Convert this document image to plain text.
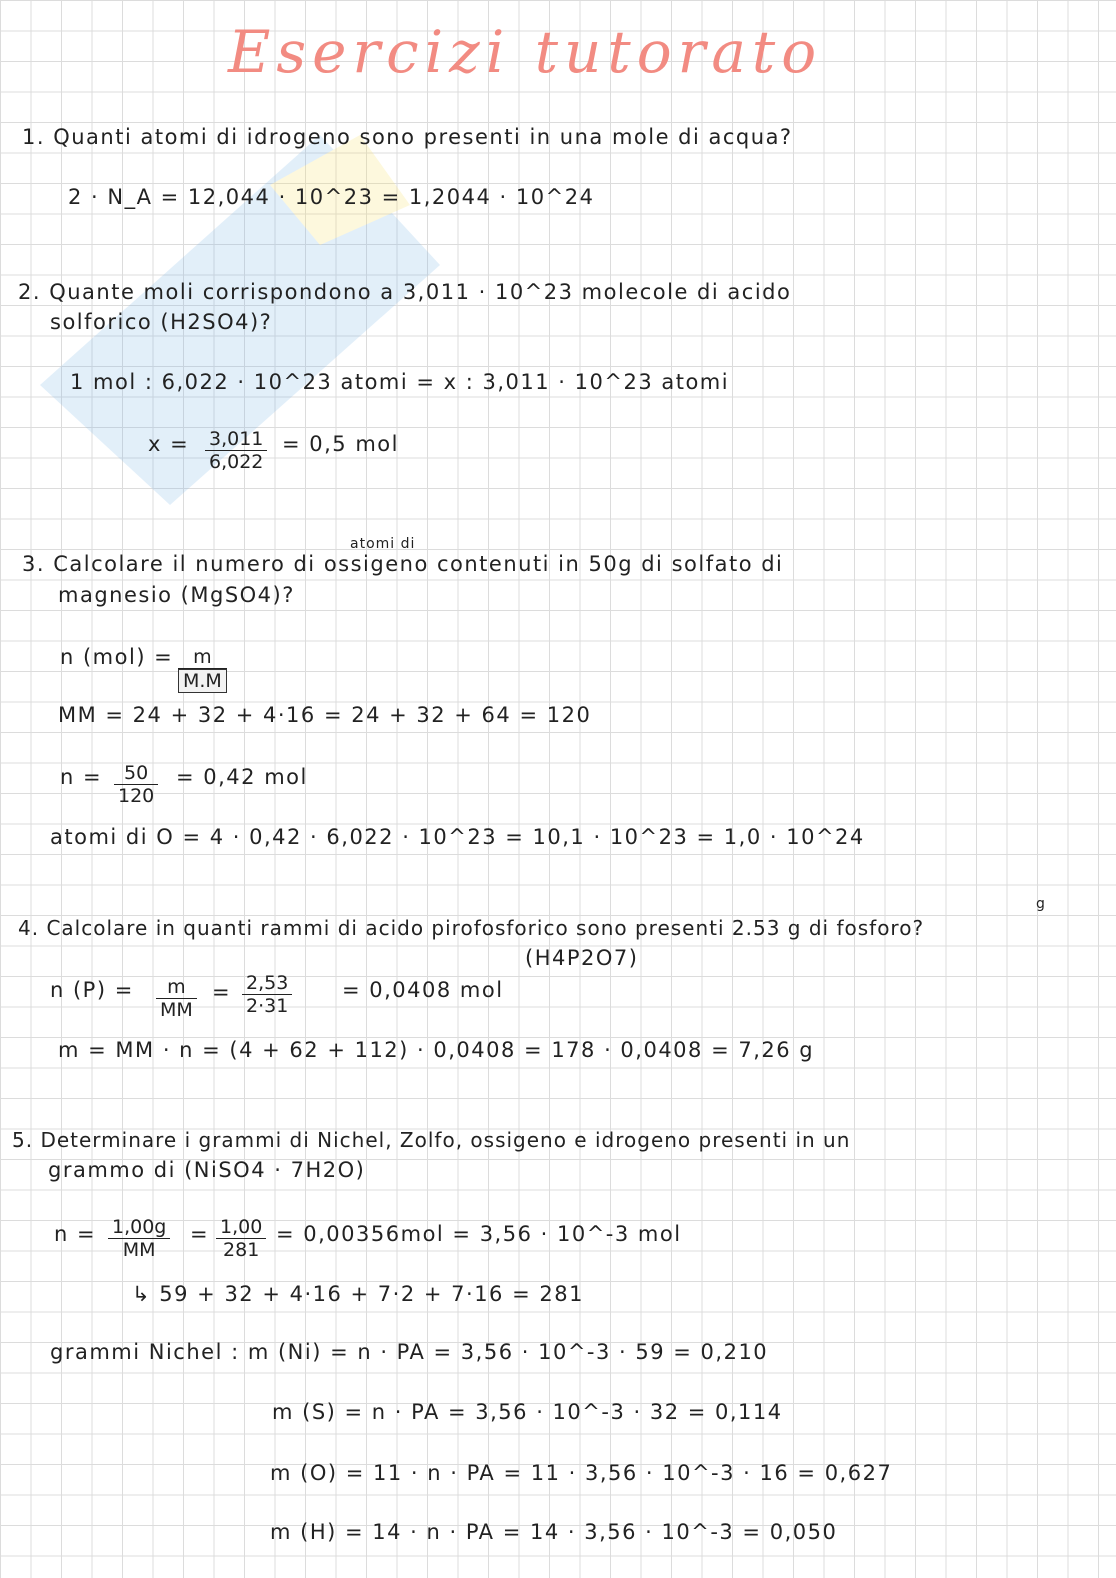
Esercizi tutorato
1. Quanti atomi di idrogeno sono presenti in una mole di acqua?
2 · N_A = 12,044 · 10^23 = 1,2044 · 10^24
2. Quante moli corrispondono a 3,011 · 10^23 molecole di acido
solforico (H2SO4)?
1 mol : 6,022 · 10^23 atomi = x : 3,011 · 10^23 atomi
$x = \frac{3,011}{6,022} = 0,5$ mol
atomi di
3. Calcolare il numero di ossigeno contenuti in 50g di solfato di
magnesio (MgSO4)?
n $(mol) = \frac{m}{M.M}$
MM = 24 + 32 + 4·16 = 24 + 32 + 64 = 120
$n = \frac{50}{120} = 0,42$ mol
atomi di O = 4 · 0,42 · 6,022 · 10^23 = 10,1 · 10^23 = 1,0 · 10^24
g
4. Calcolare in quanti rammi di acido pirofosforico sono presenti 2.53 g di fosforo?
(H4P2O7)
n $(P) = \frac{m}{MM} = \frac{2,53}{2\cdot 31} = 0,0408$ mol
m = MM · n = (4 + 62 + 112) · 0,0408 = 178 · 0,0408 = 7,26 g
5. Determinare i grammi di Nichel, Zolfo, ossigeno e idrogeno presenti in un
grammo di (NiSO4 · 7H2O)
$n = \frac{1,00g}{MM} = \frac{1,00}{281} = 0,00356mol = 3,56$ · 10^-3 mol
↳ 59 + 32 + 4·16 + 7·2 + 7·16 = 281
grammi Nichel : m (Ni) = n · PA = 3,56 · 10^-3 · 59 = 0,210
m (S) = n · PA = 3,56 · 10^-3 · 32 = 0,114
m (O) = 11 · n · PA = 11 · 3,56 · 10^-3 · 16 = 0,627
m (H) = 14 · n · PA = 14 · 3,56 · 10^-3 = 0,050
